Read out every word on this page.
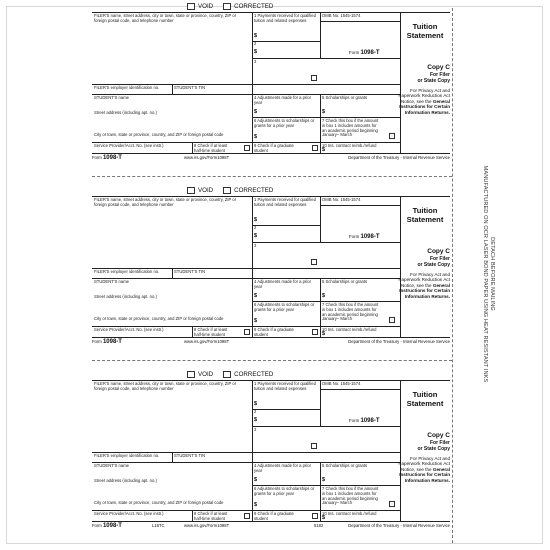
DETACH BEFORE MAILING
MANUFACTURED ON OCR LASER BOND PAPER USING HEAT RESISTANT INKS
VOID	CORRECTED
FILER'S name, street address, city or town, state or province, country, ZIP or foreign postal code, and telephone number
1 Payments received for qualified tuition and related expenses
$
OMB No. 1545-1574
2
$
FILER'S employer identification no.	STUDENT'S TIN
3
STUDENT'S name
Street address (including apt. no.)
City or town, state or province, country, and ZIP or foreign postal code
4 Adjustments made for a prior year
$
5 Scholarships or grants
$
6 Adjustments to scholarships or grants for a prior year
$
7 Check this box if the amount in box 1 includes amounts for an academic period beginning January– March
Service Provider/Acct. No. (see instr.)	8 Check if at least half-time student
9 Check if a graduate student
10 Ins. contract reimb./refund
$
Tuition Statement
Form 1098-T
Copy C
For Filer
or State Copy
For Privacy Act and Paperwork Reduction Act Notice, see the General Instructions for Certain Information Returns.
Form 1098-T	www.irs.gov/Form1098T	Department of the Treasury - Internal Revenue Service
VOID	CORRECTED
FILER'S name, street address, city or town, state or province, country, ZIP or foreign postal code, and telephone number
1 Payments received for qualified tuition and related expenses
$
OMB No. 1545-1574
2
$
FILER'S employer identification no.	STUDENT'S TIN
3
STUDENT'S name
Street address (including apt. no.)
City or town, state or province, country, and ZIP or foreign postal code
4 Adjustments made for a prior year
$
5 Scholarships or grants
$
6 Adjustments to scholarships or grants for a prior year
$
7 Check this box if the amount in box 1 includes amounts for an academic period beginning January– March
Service Provider/Acct. No. (see instr.)	8 Check if at least half-time student
9 Check if a graduate student
10 Ins. contract reimb./refund
$
Tuition Statement
Form 1098-T
Copy C
For Filer
or State Copy
For Privacy Act and Paperwork Reduction Act Notice, see the General Instructions for Certain Information Returns.
Form 1098-T	www.irs.gov/Form1098T	Department of the Treasury - Internal Revenue Service
VOID	CORRECTED
FILER'S name, street address, city or town, state or province, country, ZIP or foreign postal code, and telephone number
1 Payments received for qualified tuition and related expenses
$
OMB No. 1545-1574
2
$
FILER'S employer identification no.	STUDENT'S TIN
3
STUDENT'S name
Street address (including apt. no.)
City or town, state or province, country, and ZIP or foreign postal code
4 Adjustments made for a prior year
$
5 Scholarships or grants
$
6 Adjustments to scholarships or grants for a prior year
$
7 Check this box if the amount in box 1 includes amounts for an academic period beginning January– March
Service Provider/Acct. No. (see instr.)	8 Check if at least half-time student
9 Check if a graduate student
10 Ins. contract reimb./refund
$
Tuition Statement
Form 1098-T
Copy C
For Filer
or State Copy
For Privacy Act and Paperwork Reduction Act Notice, see the General Instructions for Certain Information Returns.
Form 1098-T	www.irs.gov/Form1098T	Department of the Treasury - Internal Revenue Service
L18TC	5182
